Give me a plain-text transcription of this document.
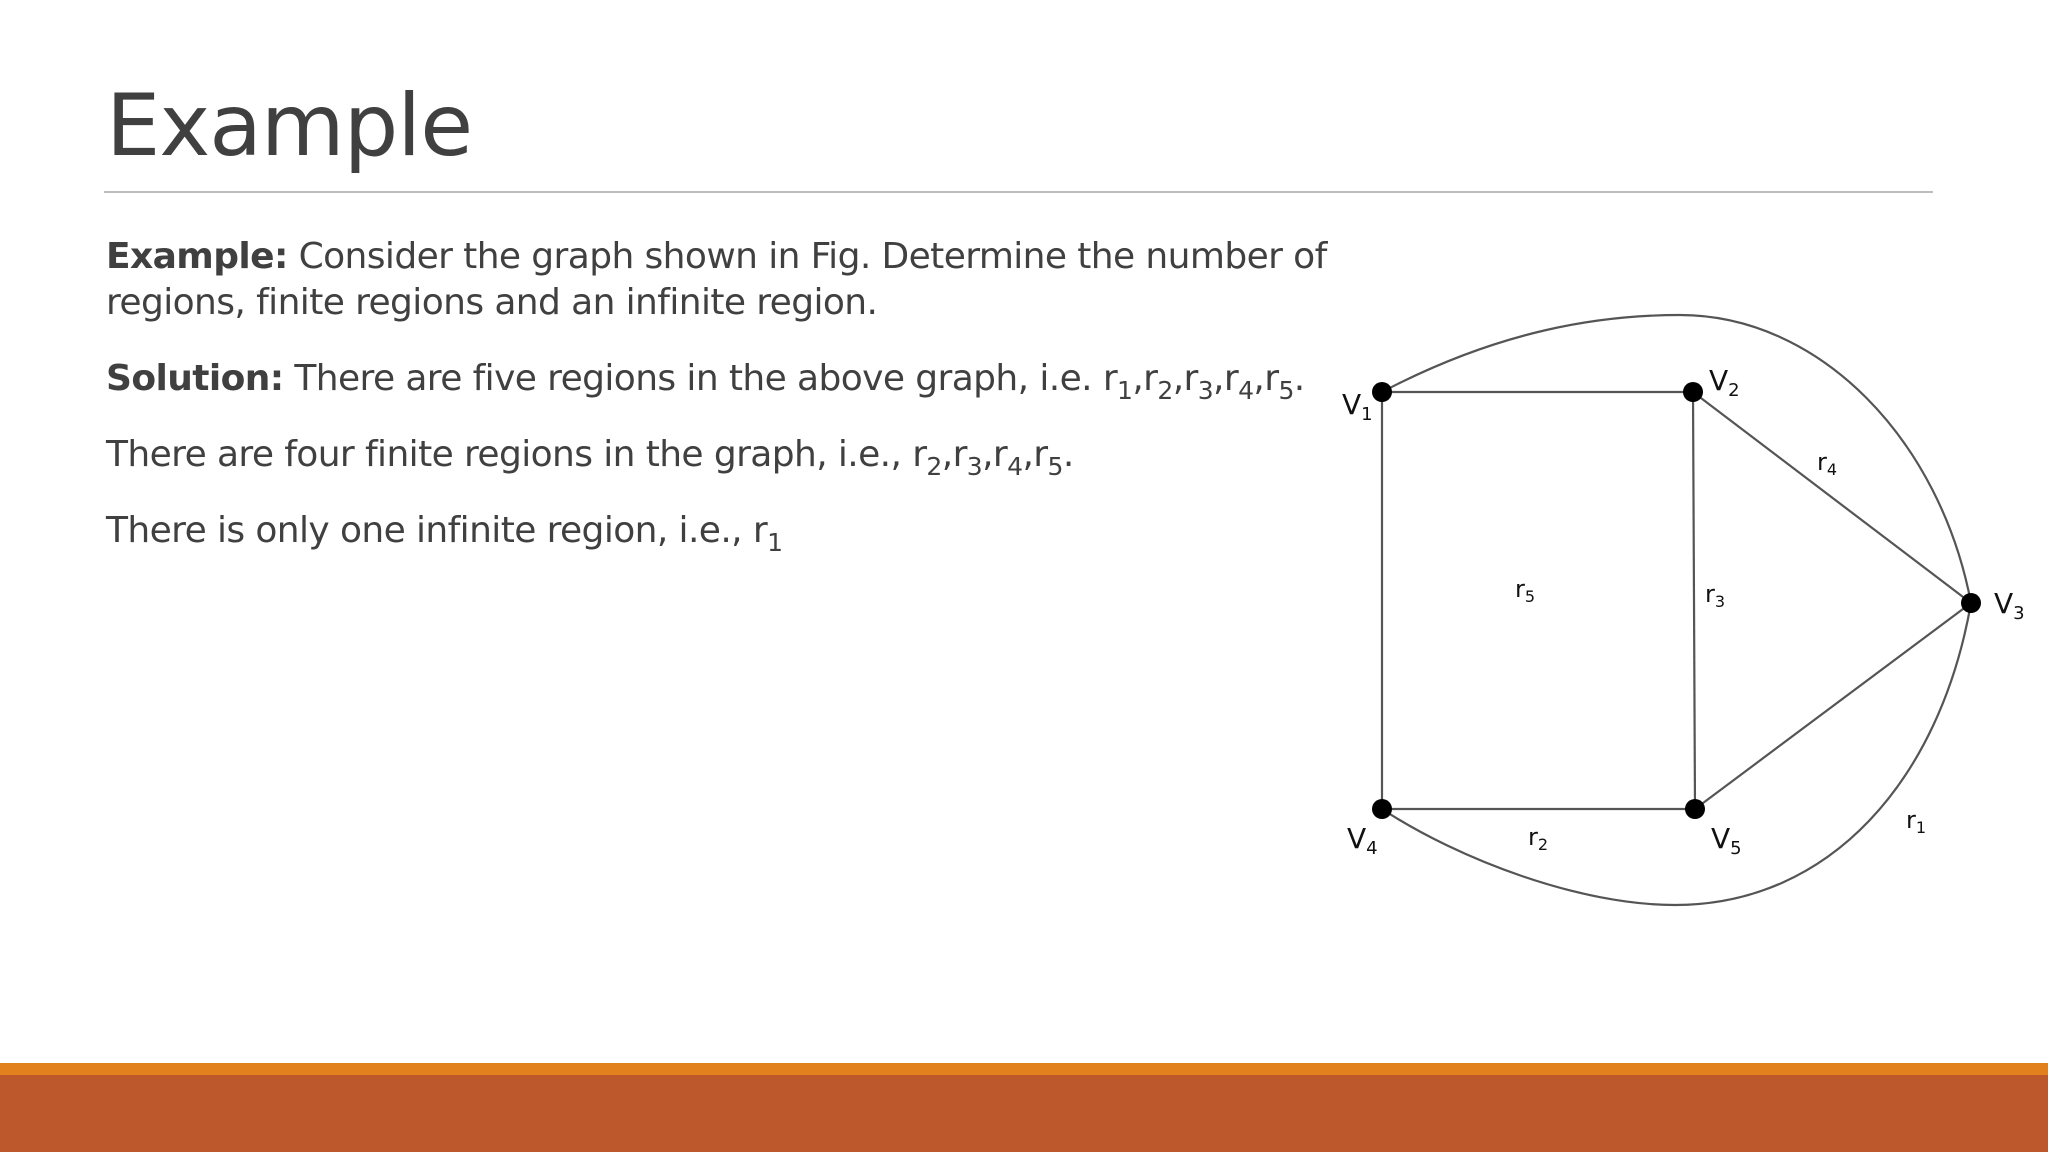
Example

Example: Consider the graph shown in Fig. Determine the number of
regions, finite regions and an infinite region.

Solution: There are five regions in the above graph, i.e. $r_1,r_2,r_3,r_4,r_5$.

There are four finite regions in the graph, i.e., $r_2,r_3,r_4,r_5$.

There is only one infinite region, i.e., $r_1$

$V_1$
$V_2$
$V_3$
$V_4$	$V_5$
$r_1$
$r_2$
$r_3$
$r_4$
$r_5$
